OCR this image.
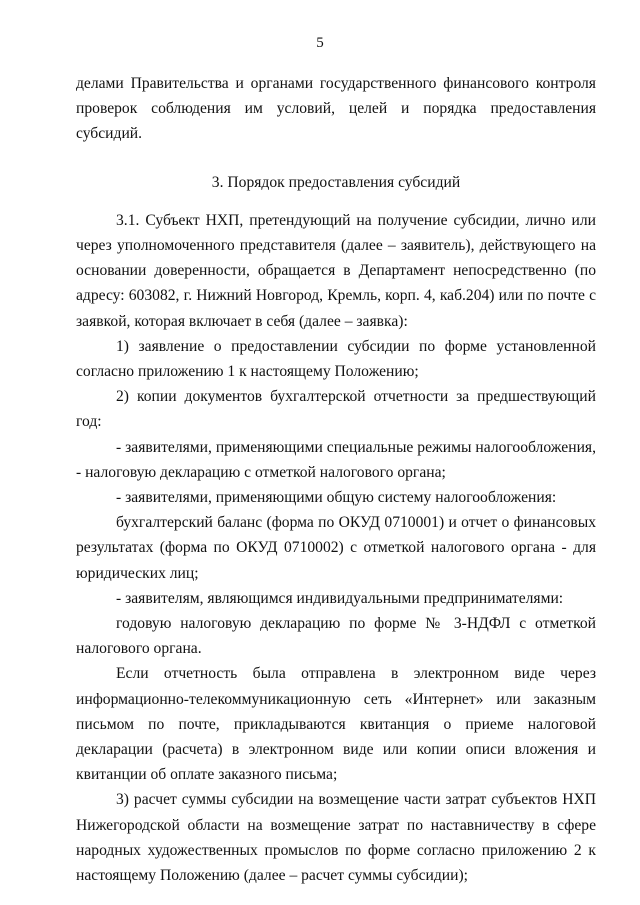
5

делами Правительства и органами государственного финансового контроля проверок соблюдения им условий, целей и порядка предоставления субсидий.

3. Порядок предоставления субсидий

3.1. Субъект НХП, претендующий на получение субсидии, лично или через уполномоченного представителя (далее – заявитель), действующего на основании доверенности, обращается в Департамент непосредственно (по адресу: 603082, г. Нижний Новгород, Кремль, корп. 4, каб.204) или по почте с заявкой, которая включает в себя (далее – заявка):

1) заявление о предоставлении субсидии по форме установленной согласно приложению 1 к настоящему Положению;

2) копии документов бухгалтерской отчетности за предшествующий год:

- заявителями, применяющими специальные режимы налогообложения, - налоговую декларацию с отметкой налогового органа;

- заявителями, применяющими общую систему налогообложения:

бухгалтерский баланс (форма по ОКУД 0710001) и отчет о финансовых результатах (форма по ОКУД 0710002) с отметкой налогового органа - для юридических лиц;

- заявителям, являющимся индивидуальными предпринимателями:

годовую налоговую декларацию по форме № 3-НДФЛ с отметкой налогового органа.

Если отчетность была отправлена в электронном виде через информационно-телекоммуникационную сеть «Интернет» или заказным письмом по почте, прикладываются квитанция о приеме налоговой декларации (расчета) в электронном виде или копии описи вложения и квитанции об оплате заказного письма;

3) расчет суммы субсидии на возмещение части затрат субъектов НХП Нижегородской области на возмещение затрат по наставничеству в сфере народных художественных промыслов по форме согласно приложению 2 к настоящему Положению (далее – расчет суммы субсидии);
